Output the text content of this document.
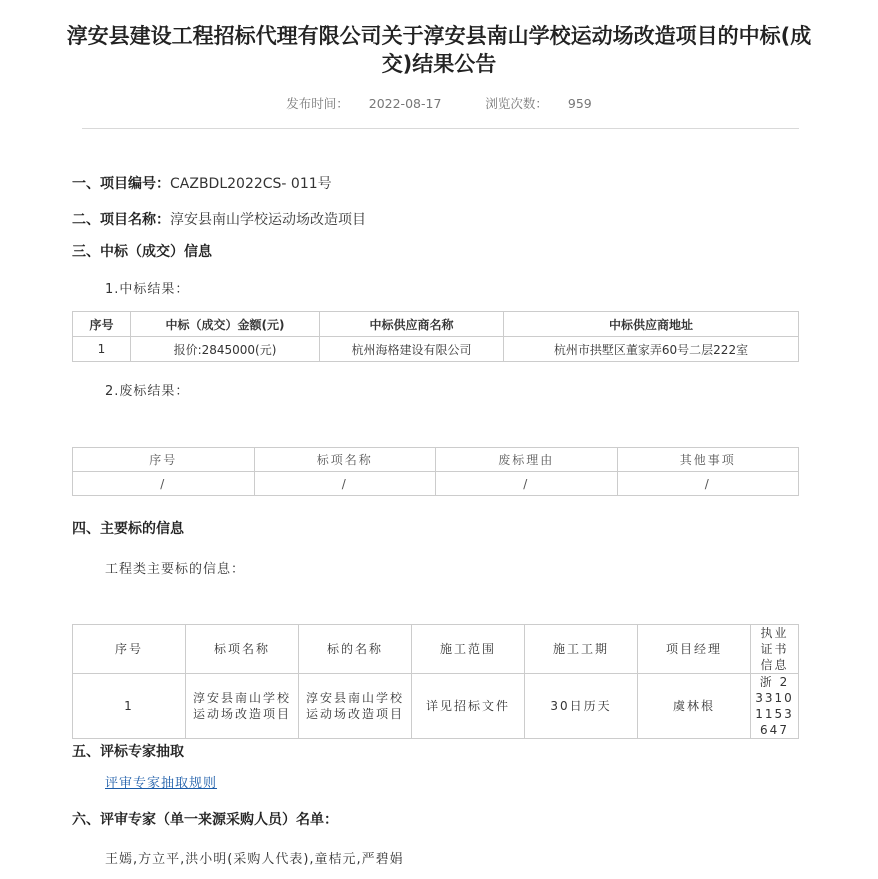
淳安县建设工程招标代理有限公司关于淳安县南山学校运动场改造项目的中标(成交)结果公告
发布时间： 2022-08-17	浏览次数： 959
一、项目编号：CAZBDL2022CS- 011号
二、项目名称：淳安县南山学校运动场改造项目
三、中标（成交）信息
1.中标结果：
序号	中标（成交）金额(元)	中标供应商名称	中标供应商地址
1	报价:2845000(元)	杭州海格建设有限公司	杭州市拱墅区董家弄60号二层222室
2.废标结果：
序号	标项名称	废标理由	其他事项
/	/	/	/
四、主要标的信息
工程类主要标的信息：
序号	标项名称	标的名称	施工范围	施工工期	项目经理	执业证书信息
1	淳安县南山学校运动场改造项目	淳安县南山学校运动场改造项目	详见招标文件	30日历天	虞林根	浙 233101153647
五、评标专家抽取
评审专家抽取规则
六、评审专家（单一来源采购人员）名单：
王嫣,方立平,洪小明(采购人代表),童桔元,严碧娟
